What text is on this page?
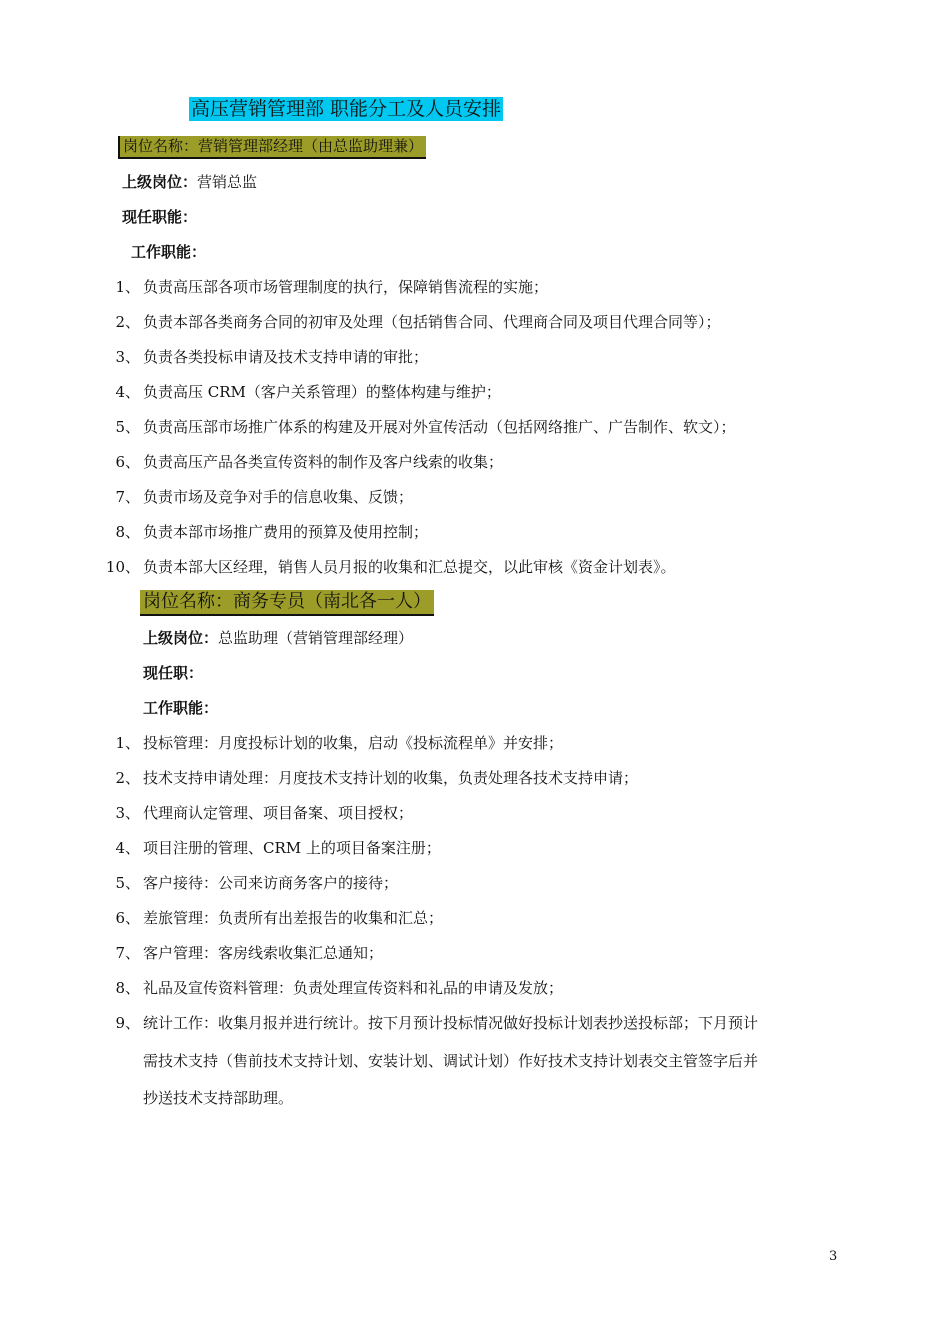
高压营销管理部 职能分工及人员安排
岗位名称：营销管理部经理（由总监助理兼）
上级岗位：营销总监
现任职能：
工作职能：
1、 负责高压部各项市场管理制度的执行，保障销售流程的实施；
2、 负责本部各类商务合同的初审及处理（包括销售合同、代理商合同及项目代理合同等）；
3、 负责各类投标申请及技术支持申请的审批；
4、 负责高压 CRM（客户关系管理）的整体构建与维护；
5、 负责高压部市场推广体系的构建及开展对外宣传活动（包括网络推广、广告制作、软文）；
6、 负责高压产品各类宣传资料的制作及客户线索的收集；
7、 负责市场及竞争对手的信息收集、反馈；
8、 负责本部市场推广费用的预算及使用控制；
10、 负责本部大区经理，销售人员月报的收集和汇总提交，以此审核《资金计划表》。
岗位名称：商务专员（南北各一人）
上级岗位：总监助理（营销管理部经理）
现任职：
工作职能：
1、 投标管理：月度投标计划的收集，启动《投标流程单》并安排；
2、 技术支持申请处理：月度技术支持计划的收集，负责处理各技术支持申请；
3、 代理商认定管理、项目备案、项目授权；
4、 项目注册的管理、CRM 上的项目备案注册；
5、 客户接待：公司来访商务客户的接待；
6、 差旅管理：负责所有出差报告的收集和汇总；
7、 客户管理：客房线索收集汇总通知；
8、 礼品及宣传资料管理：负责处理宣传资料和礼品的申请及发放；
9、 统计工作：收集月报并进行统计。按下月预计投标情况做好投标计划表抄送投标部；下月预计
需技术支持（售前技术支持计划、安装计划、调试计划）作好技术支持计划表交主管签字后并
抄送技术支持部助理。
3
